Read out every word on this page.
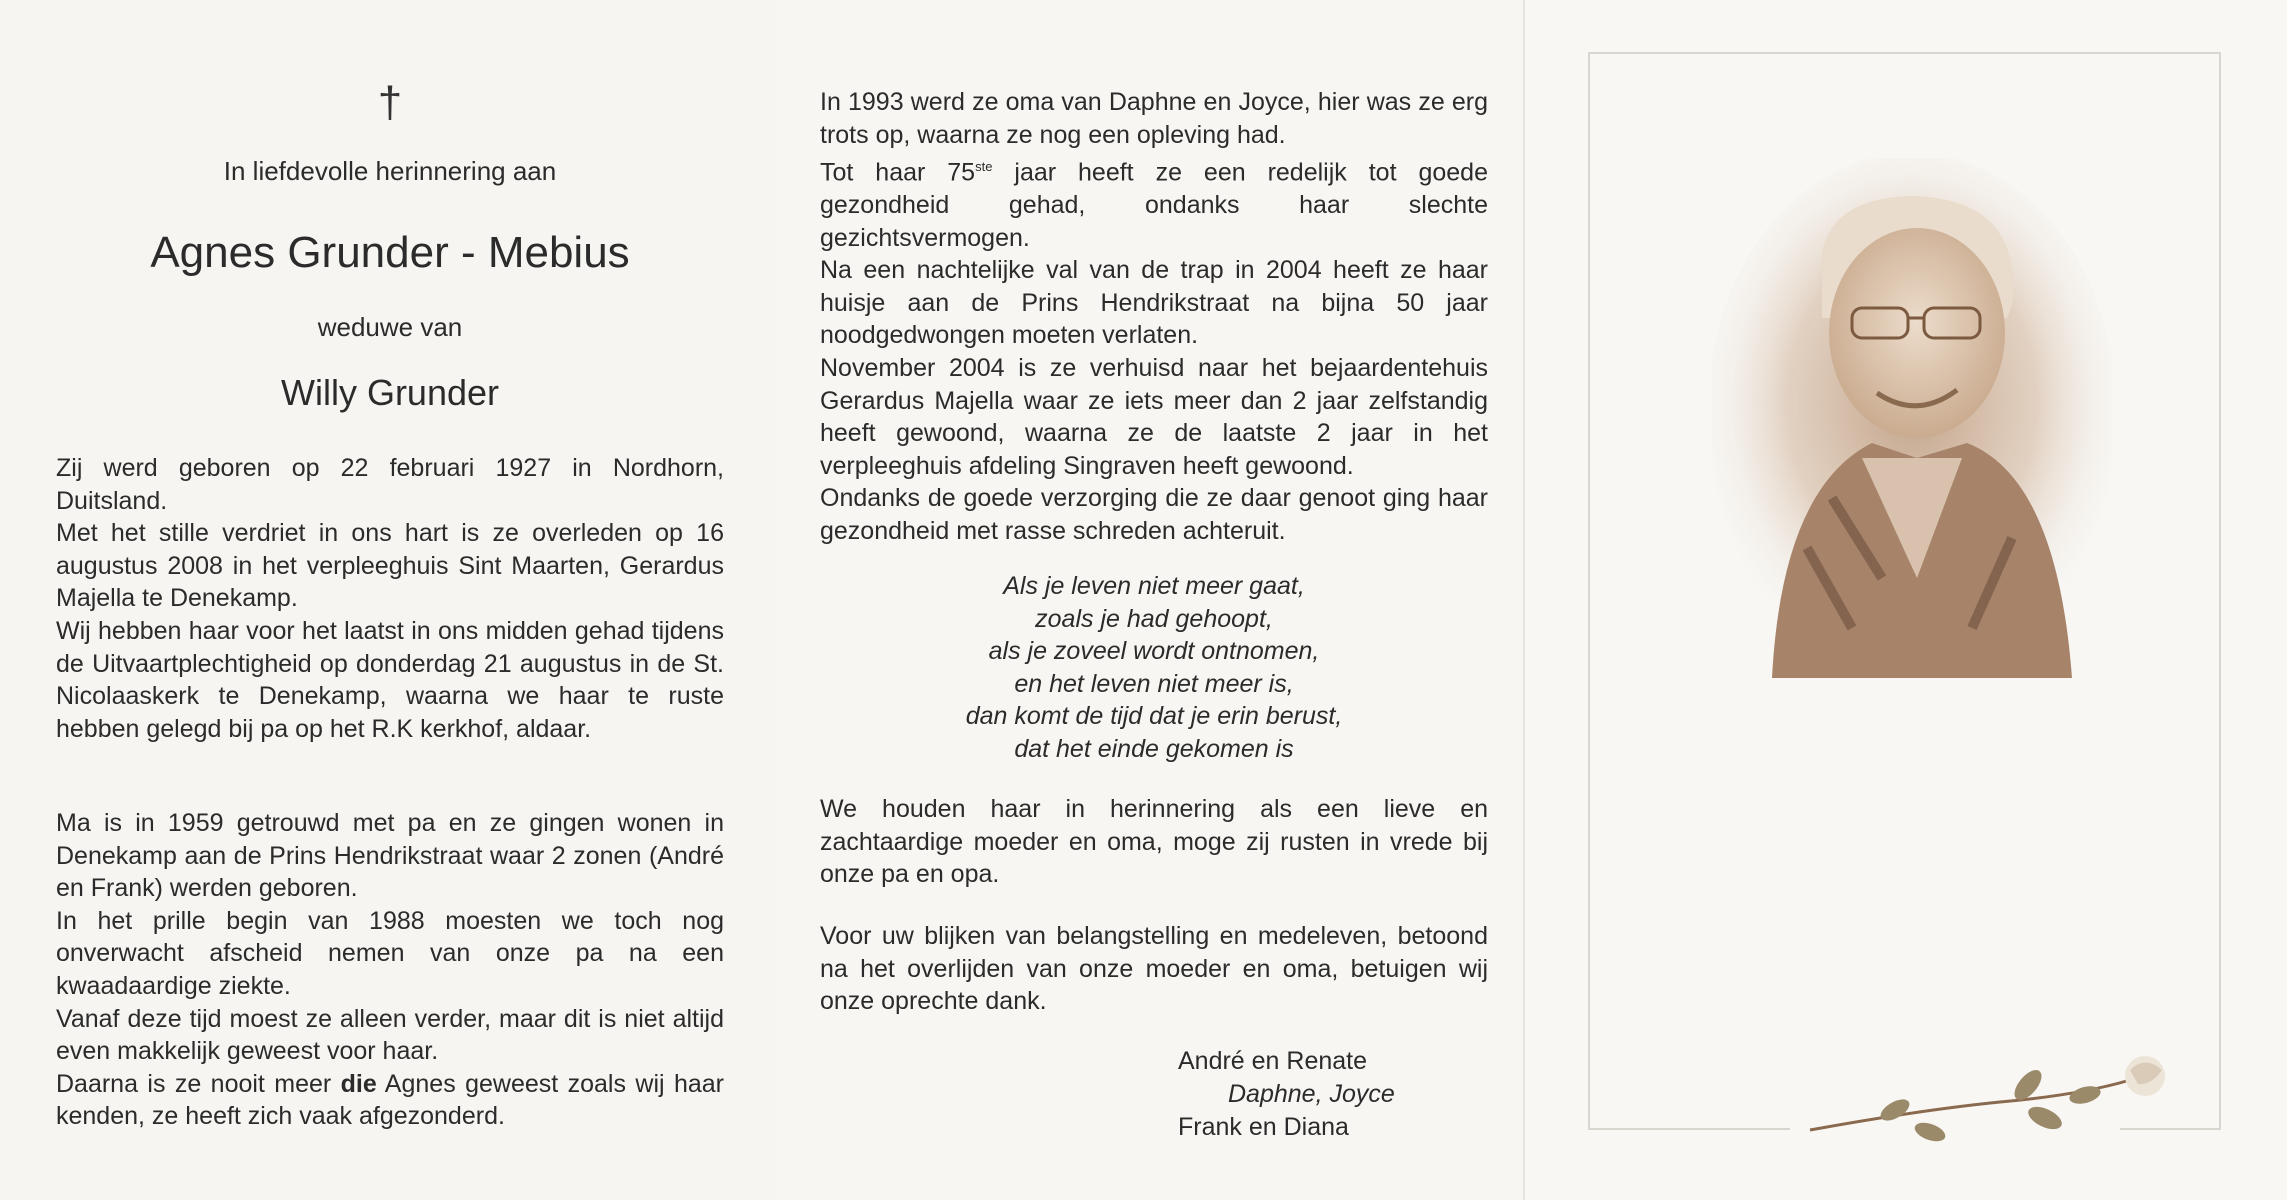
†
In liefdevolle herinnering aan
Agnes Grunder - Mebius
weduwe van
Willy Grunder

Zij werd geboren op 22 februari 1927 in Nordhorn, Duitsland.

Met het stille verdriet in ons hart is ze overleden op 16 augustus 2008 in het verpleeghuis Sint Maarten, Gerardus Majella te Denekamp.

Wij hebben haar voor het laatst in ons midden gehad tijdens de Uitvaartplechtigheid op donderdag 21 augustus in de St. Nicolaaskerk te Denekamp, waarna we haar te ruste hebben gelegd bij pa op het R.K kerkhof, aldaar.

Ma is in 1959 getrouwd met pa en ze gingen wonen in Denekamp aan de Prins Hendrikstraat waar 2 zonen (André en Frank) werden geboren.

In het prille begin van 1988 moesten we toch nog onverwacht afscheid nemen van onze pa na een kwaadaardige ziekte.

Vanaf deze tijd moest ze alleen verder, maar dit is niet altijd even makkelijk geweest voor haar.

Daarna is ze nooit meer die Agnes geweest zoals wij haar kenden, ze heeft zich vaak afgezonderd.

In 1993 werd ze oma van Daphne en Joyce, hier was ze erg trots op, waarna ze nog een opleving had.

Tot haar 75ste jaar heeft ze een redelijk tot goede gezondheid gehad, ondanks haar slechte gezichtsvermogen.

Na een nachtelijke val van de trap in 2004 heeft ze haar huisje aan de Prins Hendrikstraat na bijna 50 jaar noodgedwongen moeten verlaten.

November 2004 is ze verhuisd naar het bejaardentehuis Gerardus Majella waar ze iets meer dan 2 jaar zelfstandig heeft gewoond, waarna ze de laatste 2 jaar in het verpleeghuis afdeling Singraven heeft gewoond.

Ondanks de goede verzorging die ze daar genoot ging haar gezondheid met rasse schreden achteruit.

Als je leven niet meer gaat,

zoals je had gehoopt,

als je zoveel wordt ontnomen,

en het leven niet meer is,

dan komt de tijd dat je erin berust,

dat het einde gekomen is

We houden haar in herinnering als een lieve en zachtaardige moeder en oma, moge zij rusten in vrede bij onze pa en opa.
Voor uw blijken van belangstelling en medeleven, betoond na het overlijden van onze moeder en oma, betuigen wij onze oprechte dank.
André en Renate
Daphne, Joyce
Frank en Diana
